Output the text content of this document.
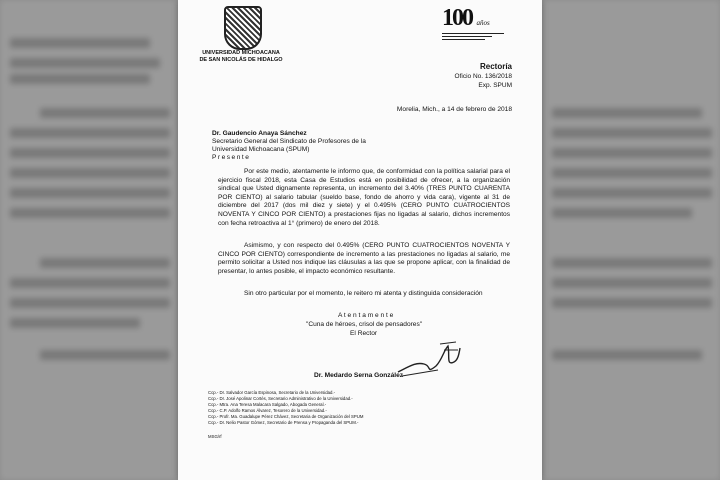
UNIVERSIDAD MICHOACANA
DE SAN NICOLÁS DE HIDALGO
100 años
Rectoría
Oficio No. 136/2018
Exp. SPUM
Morelia, Mich., a 14 de febrero de 2018
Dr. Gaudencio Anaya Sánchez
Secretario General del Sindicato de Profesores de la
Universidad Michoacana (SPUM)
Presente
Por este medio, atentamente le informo que, de conformidad con la política salarial para el ejercicio fiscal 2018, esta Casa de Estudios está en posibilidad de ofrecer, a la organización sindical que Usted dignamente representa, un incremento del 3.40% (TRES PUNTO CUARENTA POR CIENTO) al salario tabular (sueldo base, fondo de ahorro y vida cara), vigente al 31 de diciembre del 2017 (dos mil diez y siete) y el 0.495% (CERO PUNTO CUATROCIENTOS NOVENTA Y CINCO POR CIENTO) a prestaciones fijas no ligadas al salario, dichos incrementos con fecha retroactiva al 1° (primero) de enero del 2018.
Asimismo, y con respecto del 0.495% (CERO PUNTO CUATROCIENTOS NOVENTA Y CINCO POR CIENTO) correspondiente de incremento a las prestaciones no ligadas al salario, me permito solicitar a Usted nos indique las cláusulas a las que se propone aplicar, con la finalidad de presentar, lo antes posible, el impacto económico resultante.
Sin otro particular por el momento, le reitero mi atenta y distinguida consideración
A t e n t a m e n t e
"Cuna de héroes, crisol de pensadores"
El Rector
Dr. Medardo Serna González
Ccp.- Dr. Salvador García Espinosa, Secretario de la Universidad.-
Ccp.- Dr. José Apolinar Cortés, Secretario Administrativo de la Universidad.-
Ccp.- Mtra. Ana Teresa Malacara Salgado, Abogada General.-
Ccp.- C.P. Adolfo Ramos Álvarez, Tesorero de la Universidad.-
Ccp.- Profr. Ma. Guadalupe Pérez Chávez, Secretaria de Organización del SPUM
Ccp.- Dr. Nelio Pastor Gómez, Secretario de Prensa y Propaganda del SPUM.-
MSG/rf
